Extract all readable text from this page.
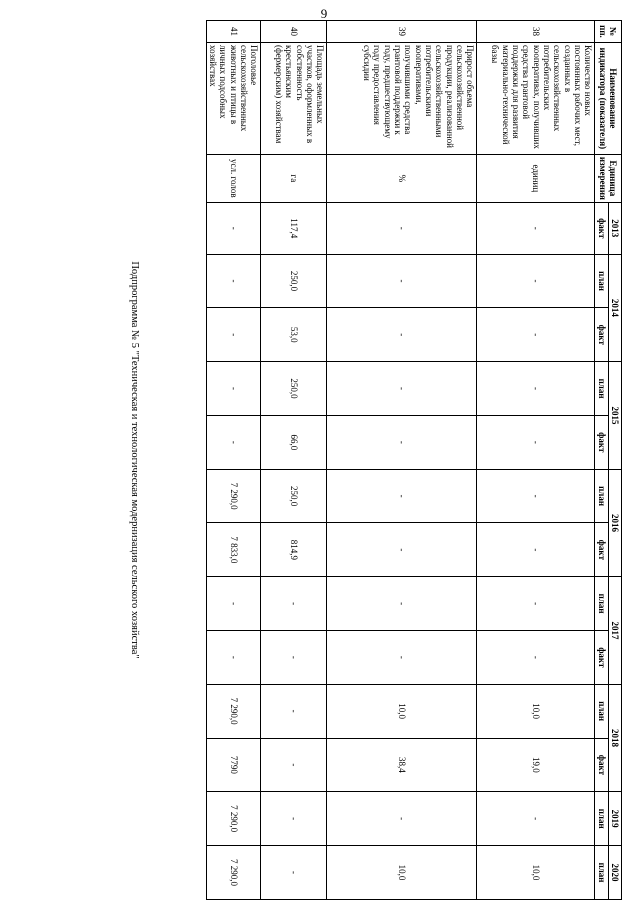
9
№ пп.	Наименование индикатора (показателя)	Единица измерения	2013	2014		2015		2016		2017		2018		2019	2020
			факт	план	факт	план	факт	план	факт	план	факт	план	факт	план	план
38	Количество новых постоянных рабочих мест, созданных в сельскохозяйственных потребительских кооперативах, получивших средства грантовой поддержки для развития материально-технической базы	единиц	-	-	-	-	-	-	-	-	-	10,0	19,0	-	10,0
39	Прирост объема сельскохозяйственной продукции, реализованной сельскохозяйственными потребительскими кооперативами, получившими средства грантовой поддержки к году, предшествующему году предоставления субсидии	%	-	-	-	-	-	-	-	-	-	10,0	38,4	-	10,0
40	Площадь земельных участков, оформленных в собственность крестьянским (фермерским) хозяйствам	га	117,4	250,0	53,0	250,0	66,0	250,0	814,9	-	-	-	-	-	-
41	Поголовье сельскохозяйственных животных и птицы в личных подсобных хозяйствах	усл. голов	-	-	-	-	-	7 290,0	7 833,0	-	-	7 290,0	7790	7 290,0	7 290,0
Подпрограмма № 5 "Техническая и технологическая модернизация сельского хозяйства"
